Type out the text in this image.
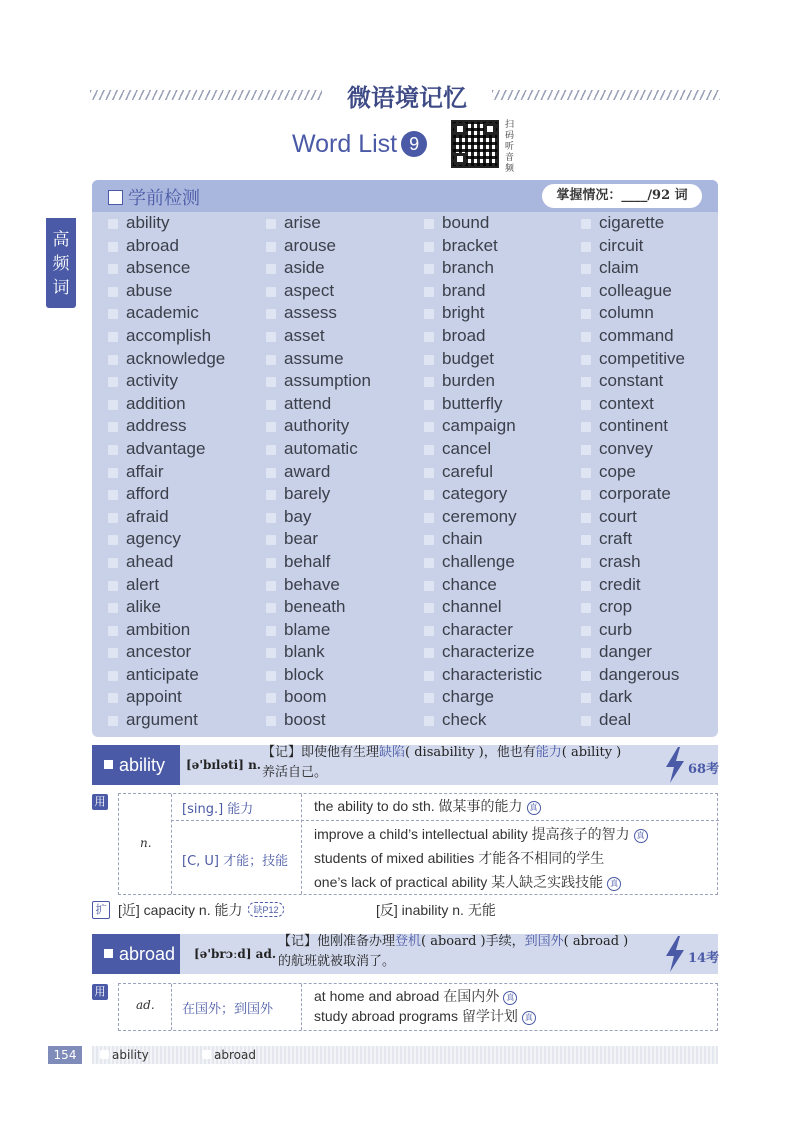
微语境记忆
Word List 9
扫
码
听
音
频
高频词
学前检测	掌握情况：____/92 词
ability
abroad
absence
abuse
academic
accomplish
acknowledge
activity
addition
address
advantage
affair
afford
afraid
agency
ahead
alert
alike
ambition
ancestor
anticipate
appoint
argument
arise
arouse
aside
aspect
assess
asset
assume
assumption
attend
authority
automatic
award
barely
bay
bear
behalf
behave
beneath
blame
blank
block
boom
boost
bound
bracket
branch
brand
bright
broad
budget
burden
butterfly
campaign
cancel
careful
category
ceremony
chain
challenge
chance
channel
character
characterize
characteristic
charge
check
cigarette
circuit
claim
colleague
column
command
competitive
constant
context
continent
convey
cope
corporate
court
craft
crash
credit
crop
curb
danger
dangerous
dark
deal
ability	[ə'bɪləti] n.
【记】即使他有生理缺陷( disability )，他也有能力( ability )
养活自己。	68考
用
n.
[sing.] 能力	the ability to do sth. 做某事的能力 真
[C, U] 才能；技能
improve a child’s intellectual ability 提高孩子的智力 真
students of mixed abilities 才能各不相同的学生
one’s lack of practical ability 某人缺乏实践技能 真
扩 [近] capacity n. 能力 缺P12	[反] inability n. 无能
abroad	[ə'brɔːd] ad.
【记】他刚准备办理登机( aboard )手续，到国外( abroad )
的航班就被取消了。	14考
用
ad. 在国外；到国外
at home and abroad 在国内外 真
study abroad programs 留学计划 真
154	ability	abroad
